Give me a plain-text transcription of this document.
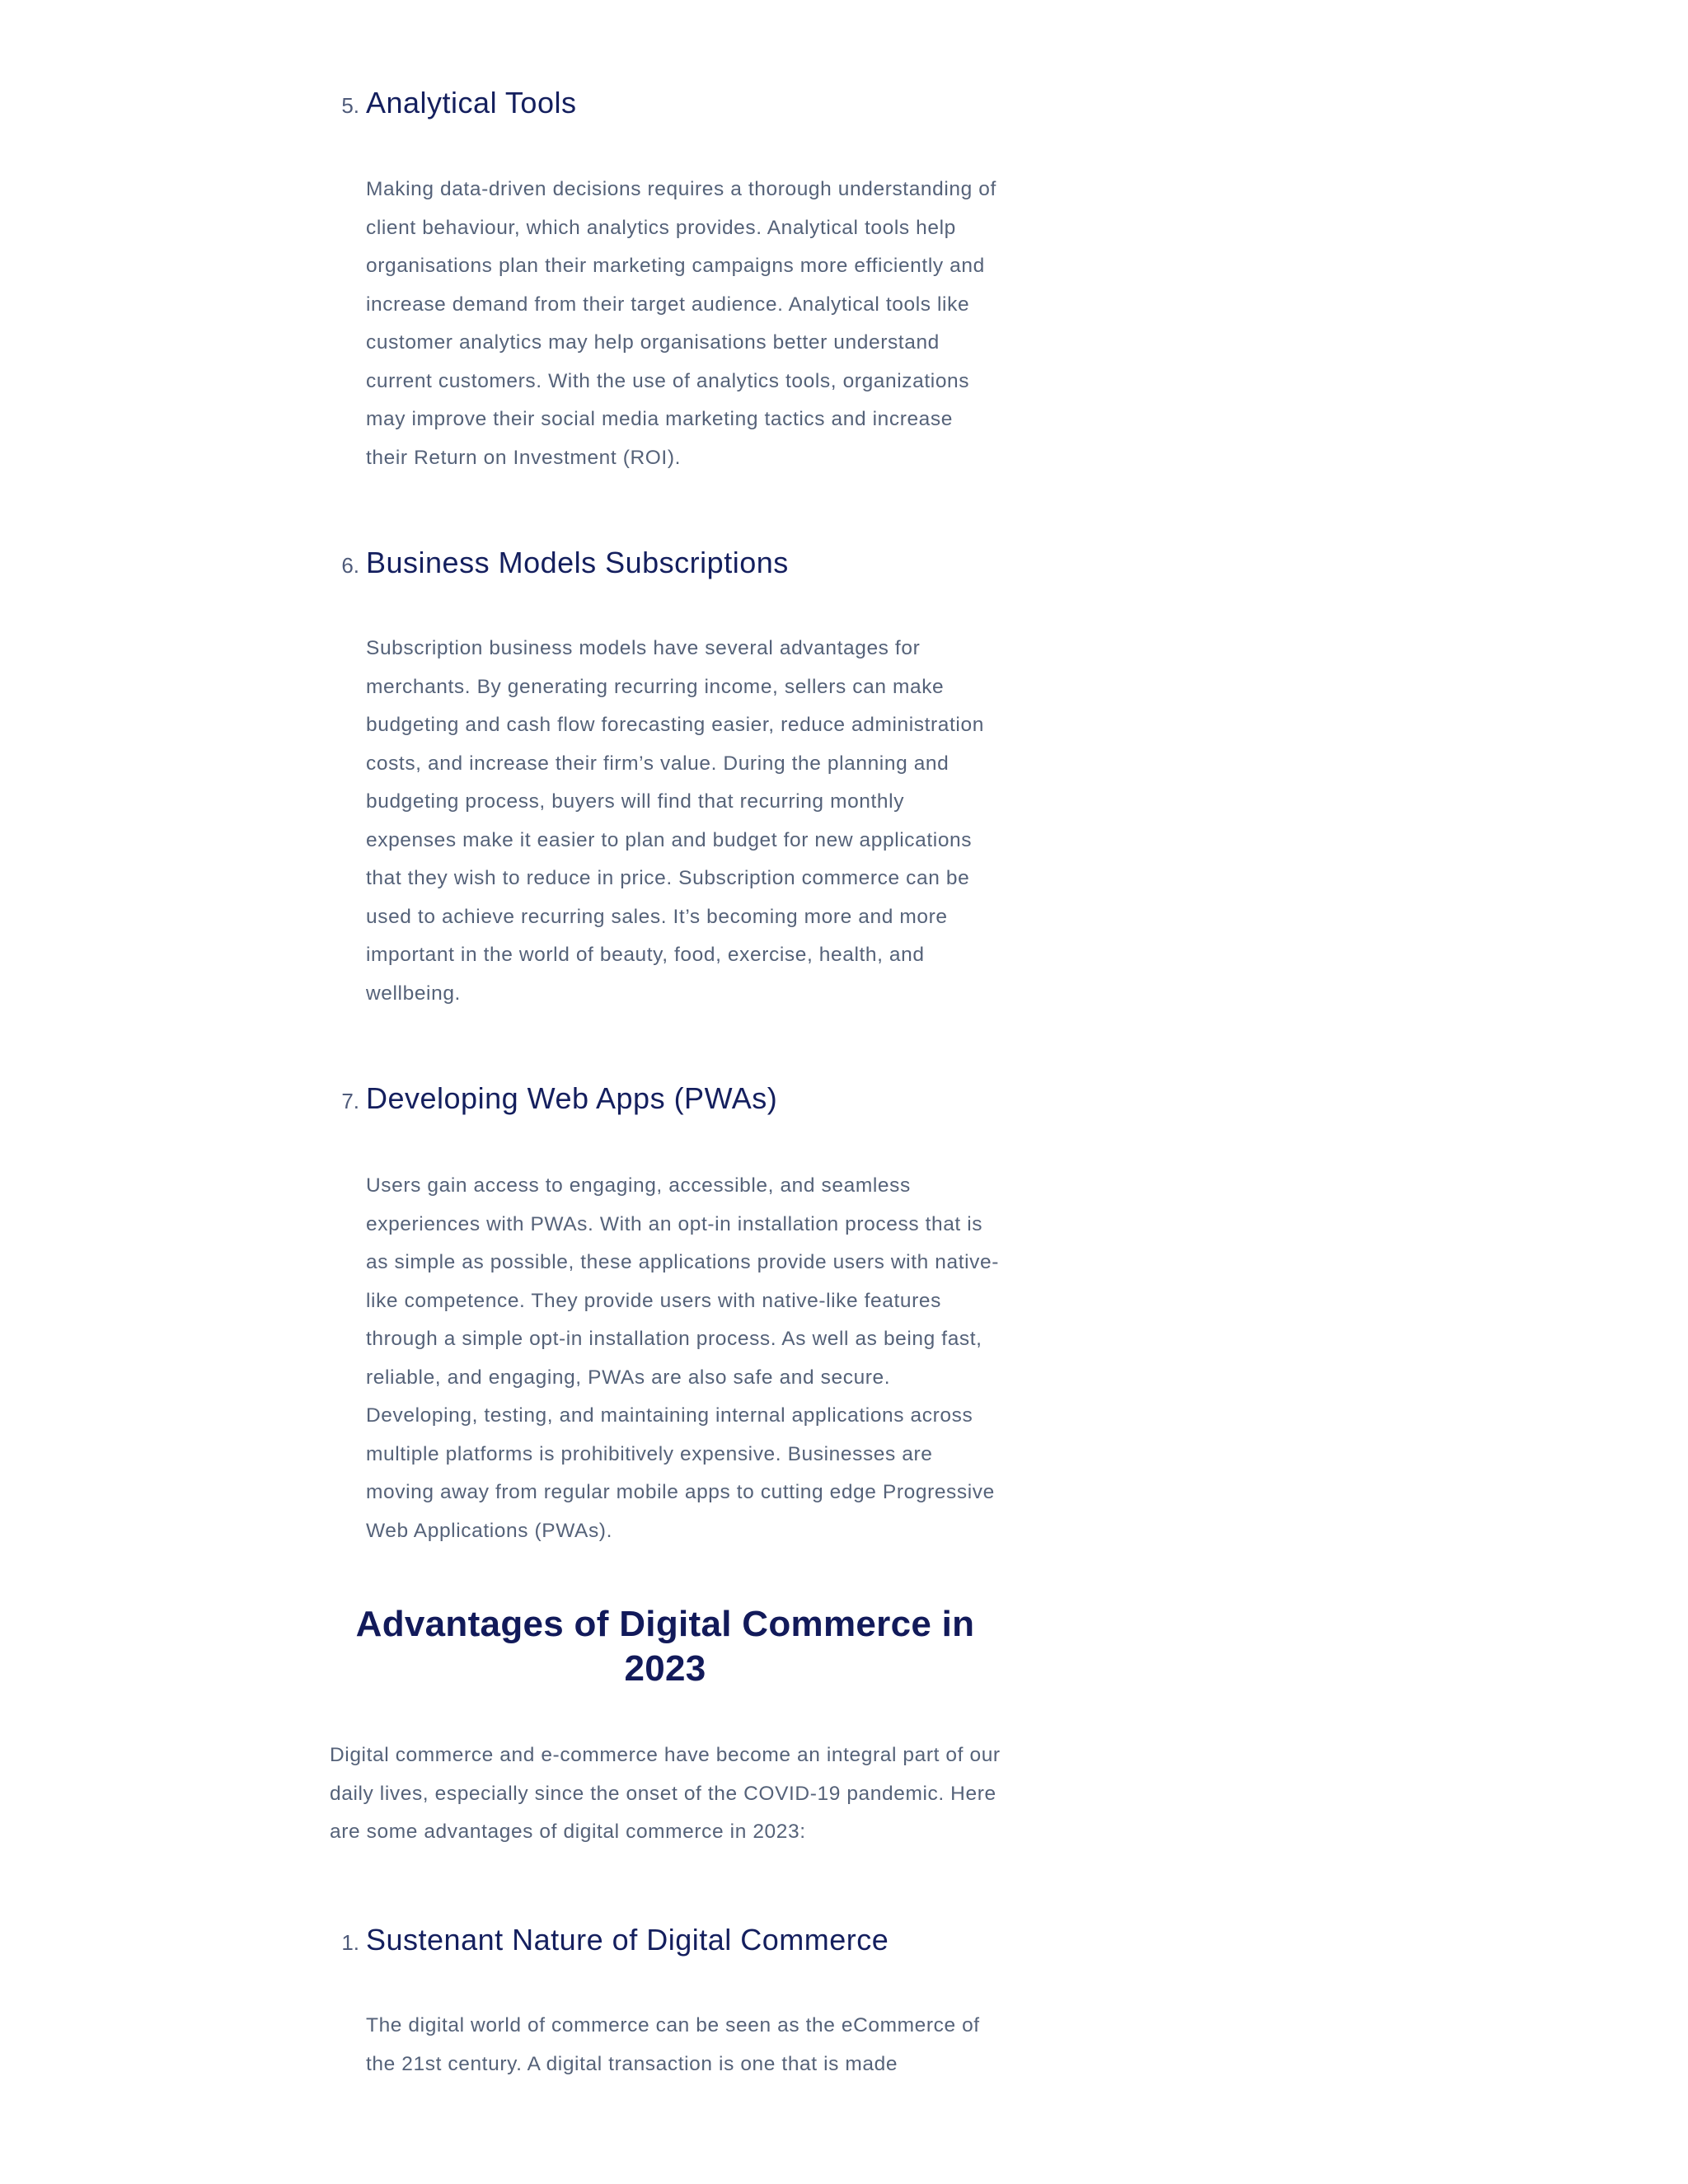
5. Analytical Tools

Making data-driven decisions requires a thorough understanding of client behaviour, which analytics provides. Analytical tools help organisations plan their marketing campaigns more efficiently and increase demand from their target audience. Analytical tools like customer analytics may help organisations better understand current customers. With the use of analytics tools, organizations may improve their social media marketing tactics and increase their Return on Investment (ROI).

6. Business Models Subscriptions

Subscription business models have several advantages for merchants. By generating recurring income, sellers can make budgeting and cash flow forecasting easier, reduce administration costs, and increase their firm’s value. During the planning and budgeting process, buyers will find that recurring monthly expenses make it easier to plan and budget for new applications that they wish to reduce in price. Subscription commerce can be used to achieve recurring sales. It’s becoming more and more important in the world of beauty, food, exercise, health, and wellbeing.

7. Developing Web Apps (PWAs)

Users gain access to engaging, accessible, and seamless experiences with PWAs. With an opt-in installation process that is as simple as possible, these applications provide users with native-like competence. They provide users with native-like features through a simple opt-in installation process. As well as being fast, reliable, and engaging, PWAs are also safe and secure. Developing, testing, and maintaining internal applications across multiple platforms is prohibitively expensive. Businesses are moving away from regular mobile apps to cutting edge Progressive Web Applications (PWAs).

Advantages of Digital Commerce in 2023

Digital commerce and e-commerce have become an integral part of our daily lives, especially since the onset of the COVID-19 pandemic. Here are some advantages of digital commerce in 2023:

1. Sustenant Nature of Digital Commerce

The digital world of commerce can be seen as the eCommerce of the 21st century. A digital transaction is one that is made
